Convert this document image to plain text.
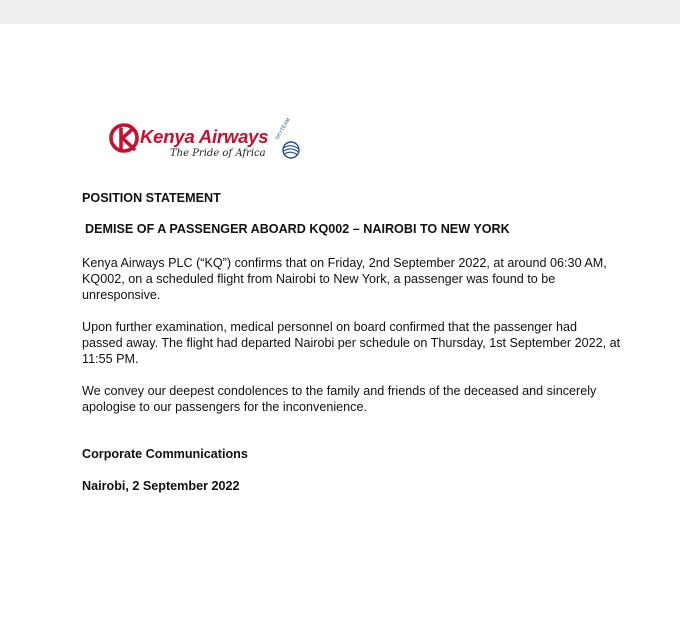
SKYTEAM
Kenya Airways
The Pride of Africa
POSITION STATEMENT
DEMISE OF A PASSENGER ABOARD KQ002 – NAIROBI TO NEW YORK
Kenya Airways PLC (“KQ”) confirms that on Friday, 2nd September 2022, at around 06:30 AM,
KQ002, on a scheduled flight from Nairobi to New York, a passenger was found to be
unresponsive.
Upon further examination, medical personnel on board confirmed that the passenger had
passed away. The flight had departed Nairobi per schedule on Thursday, 1st September 2022, at
11:55 PM.
We convey our deepest condolences to the family and friends of the deceased and sincerely
apologise to our passengers for the inconvenience.
Corporate Communications
Nairobi, 2 September 2022
